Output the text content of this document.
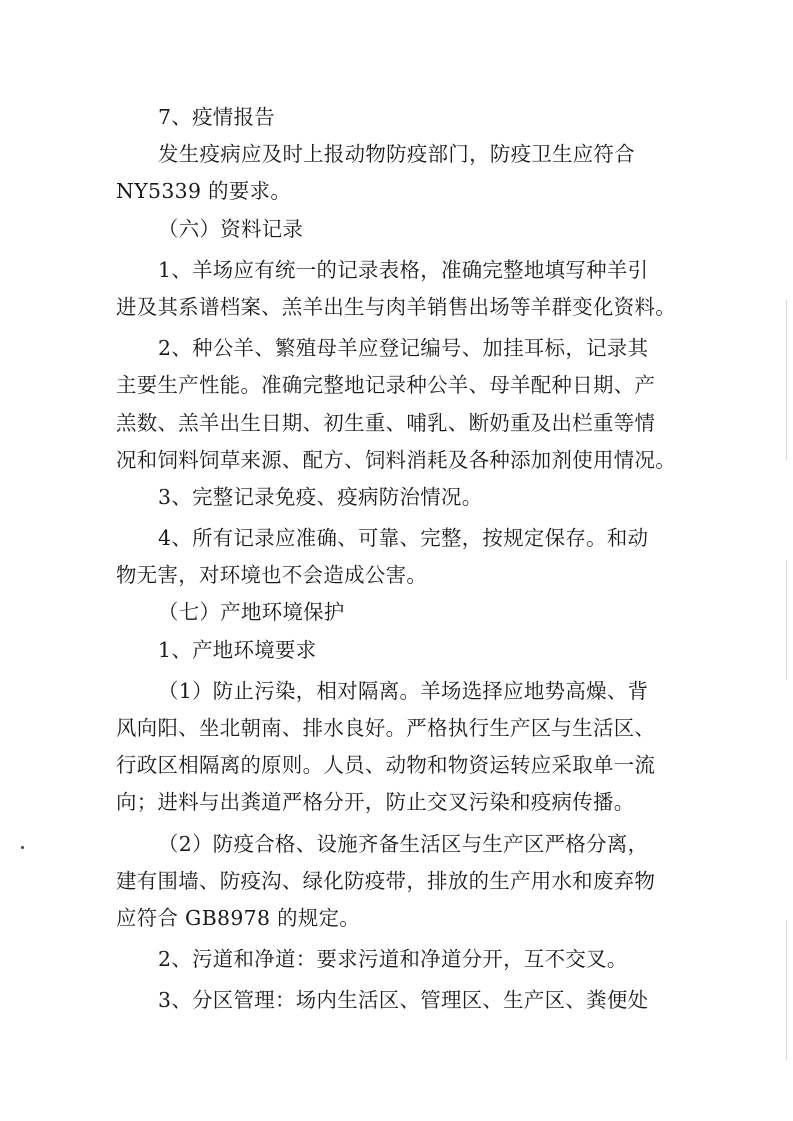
7、疫情报告
发生疫病应及时上报动物防疫部门，防疫卫生应符合
NY5339 的要求。
（六）资料记录
1、羊场应有统一的记录表格，准确完整地填写种羊引
进及其系谱档案、羔羊出生与肉羊销售出场等羊群变化资料。
2、种公羊、繁殖母羊应登记编号、加挂耳标，记录其
主要生产性能。准确完整地记录种公羊、母羊配种日期、产
羔数、羔羊出生日期、初生重、哺乳、断奶重及出栏重等情
况和饲料饲草来源、配方、饲料消耗及各种添加剂使用情况。
3、完整记录免疫、疫病防治情况。
4、所有记录应准确、可靠、完整，按规定保存。和动
物无害，对环境也不会造成公害。
（七）产地环境保护
1、产地环境要求
（1）防止污染，相对隔离。羊场选择应地势高燥、背
风向阳、坐北朝南、排水良好。严格执行生产区与生活区、
行政区相隔离的原则。人员、动物和物资运转应采取单一流
向；进料与出粪道严格分开，防止交叉污染和疫病传播。
（2）防疫合格、设施齐备生活区与生产区严格分离，
建有围墙、防疫沟、绿化防疫带，排放的生产用水和废弃物
应符合 GB8978 的规定。
2、污道和净道：要求污道和净道分开，互不交叉。
3、分区管理：场内生活区、管理区、生产区、粪便处
